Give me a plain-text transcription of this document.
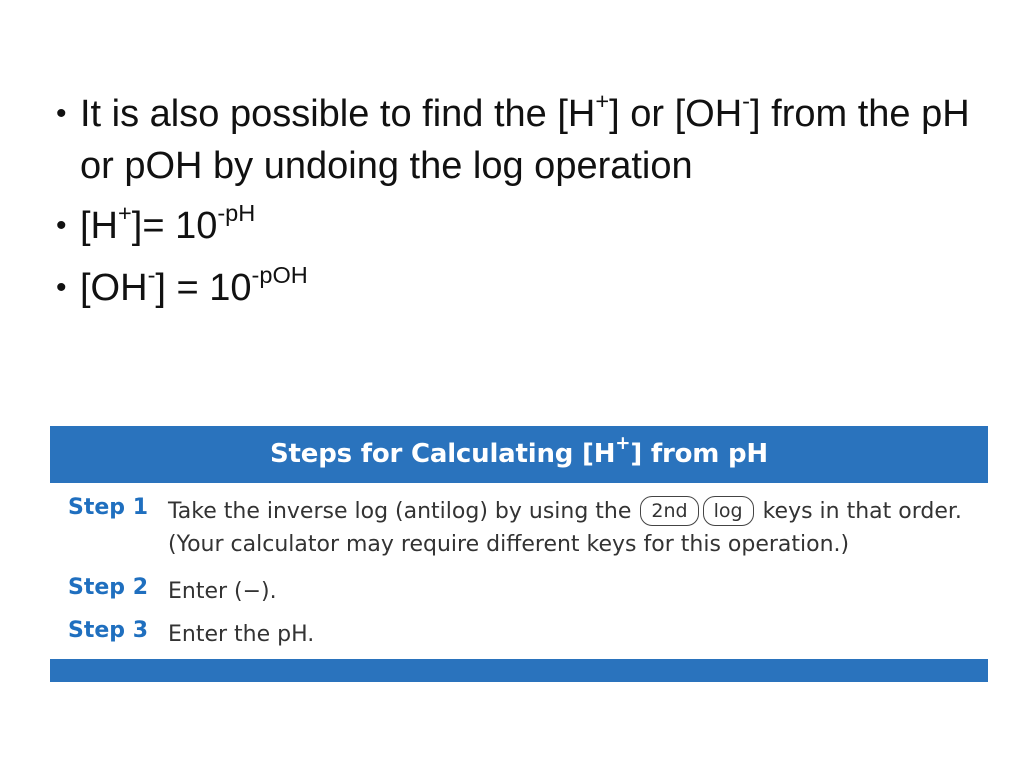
• It is also possible to find the [H+] or [OH-] from the pH or pOH by undoing the log operation
• $[H^+]= 10^{-pH}$
• $[OH^-] = 10^{-pOH}$
Steps for Calculating [H+] from pH
Step 1 Take the inverse log (antilog) by using the 2nd log keys in that order. (Your calculator may require different keys for this operation.)
Step 2 Enter (−).
Step 3 Enter the pH.
